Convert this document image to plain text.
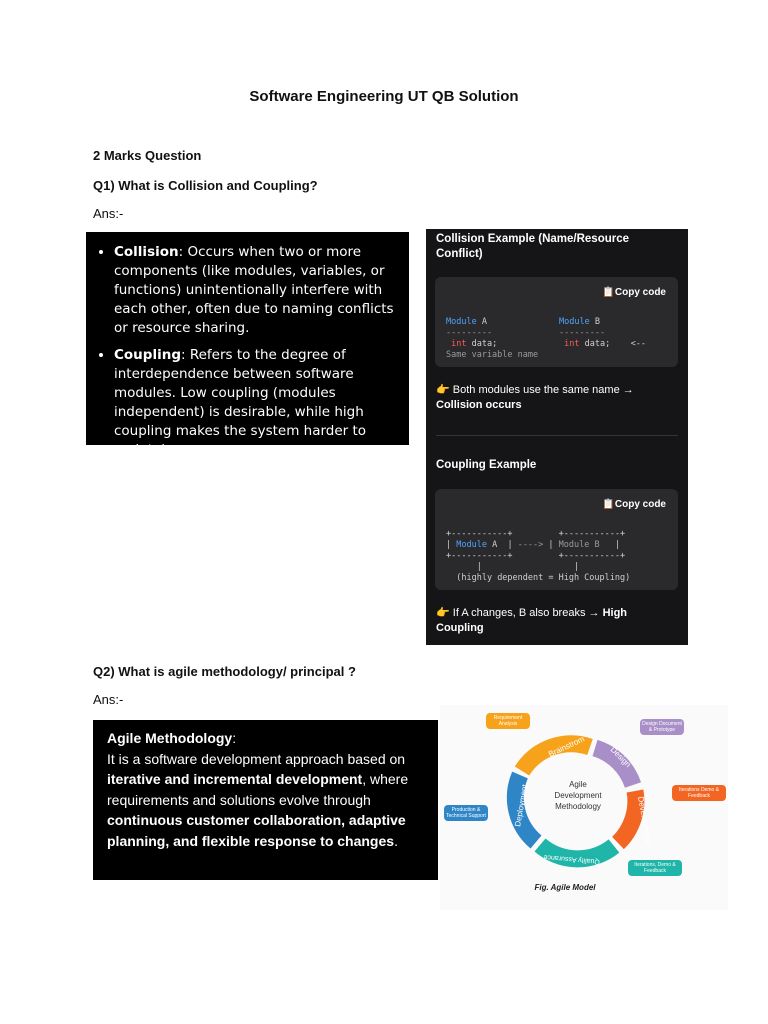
Software Engineering UT QB Solution
2 Marks Question
Q1) What is Collision and Coupling?
Ans:-
• Collision: Occurs when two or more components (like modules, variables, or functions) unintentionally interfere with each other, often due to naming conflicts or resource sharing.
• Coupling: Refers to the degree of interdependence between software modules. Low coupling (modules independent) is desirable, while high coupling makes the system harder to maintain.
Collision Example (Name/Resource Conflict)
📋Copy code
Module A
---------
int data;
Same variable name
Module B
---------
int data; <--
👉 Both modules use the same name →
Collision occurs
Coupling Example
📋Copy code
+-----------+	+-----------+
| Module A  | ----> | Module B   |
+-----------+	+-----------+
|	|
(highly dependent = High Coupling)
👉 If A changes, B also breaks → High
Coupling
Q2) What is agile methodology/ principal ?
Ans:-
Agile Methodology:
It is a software development approach based on iterative and incremental development, where requirements and solutions evolve through continuous customer collaboration, adaptive planning, and flexible response to changes.
Agile
Development
Methodology
Brainstrom	Design
Development
Quality Assurance
Deployment
Fig. Agile Model
Requirement Analysis	Design Document & Prototype
Iterations Demo & Feedback
Iterations, Demo & Feedback
Production & Technical Support
